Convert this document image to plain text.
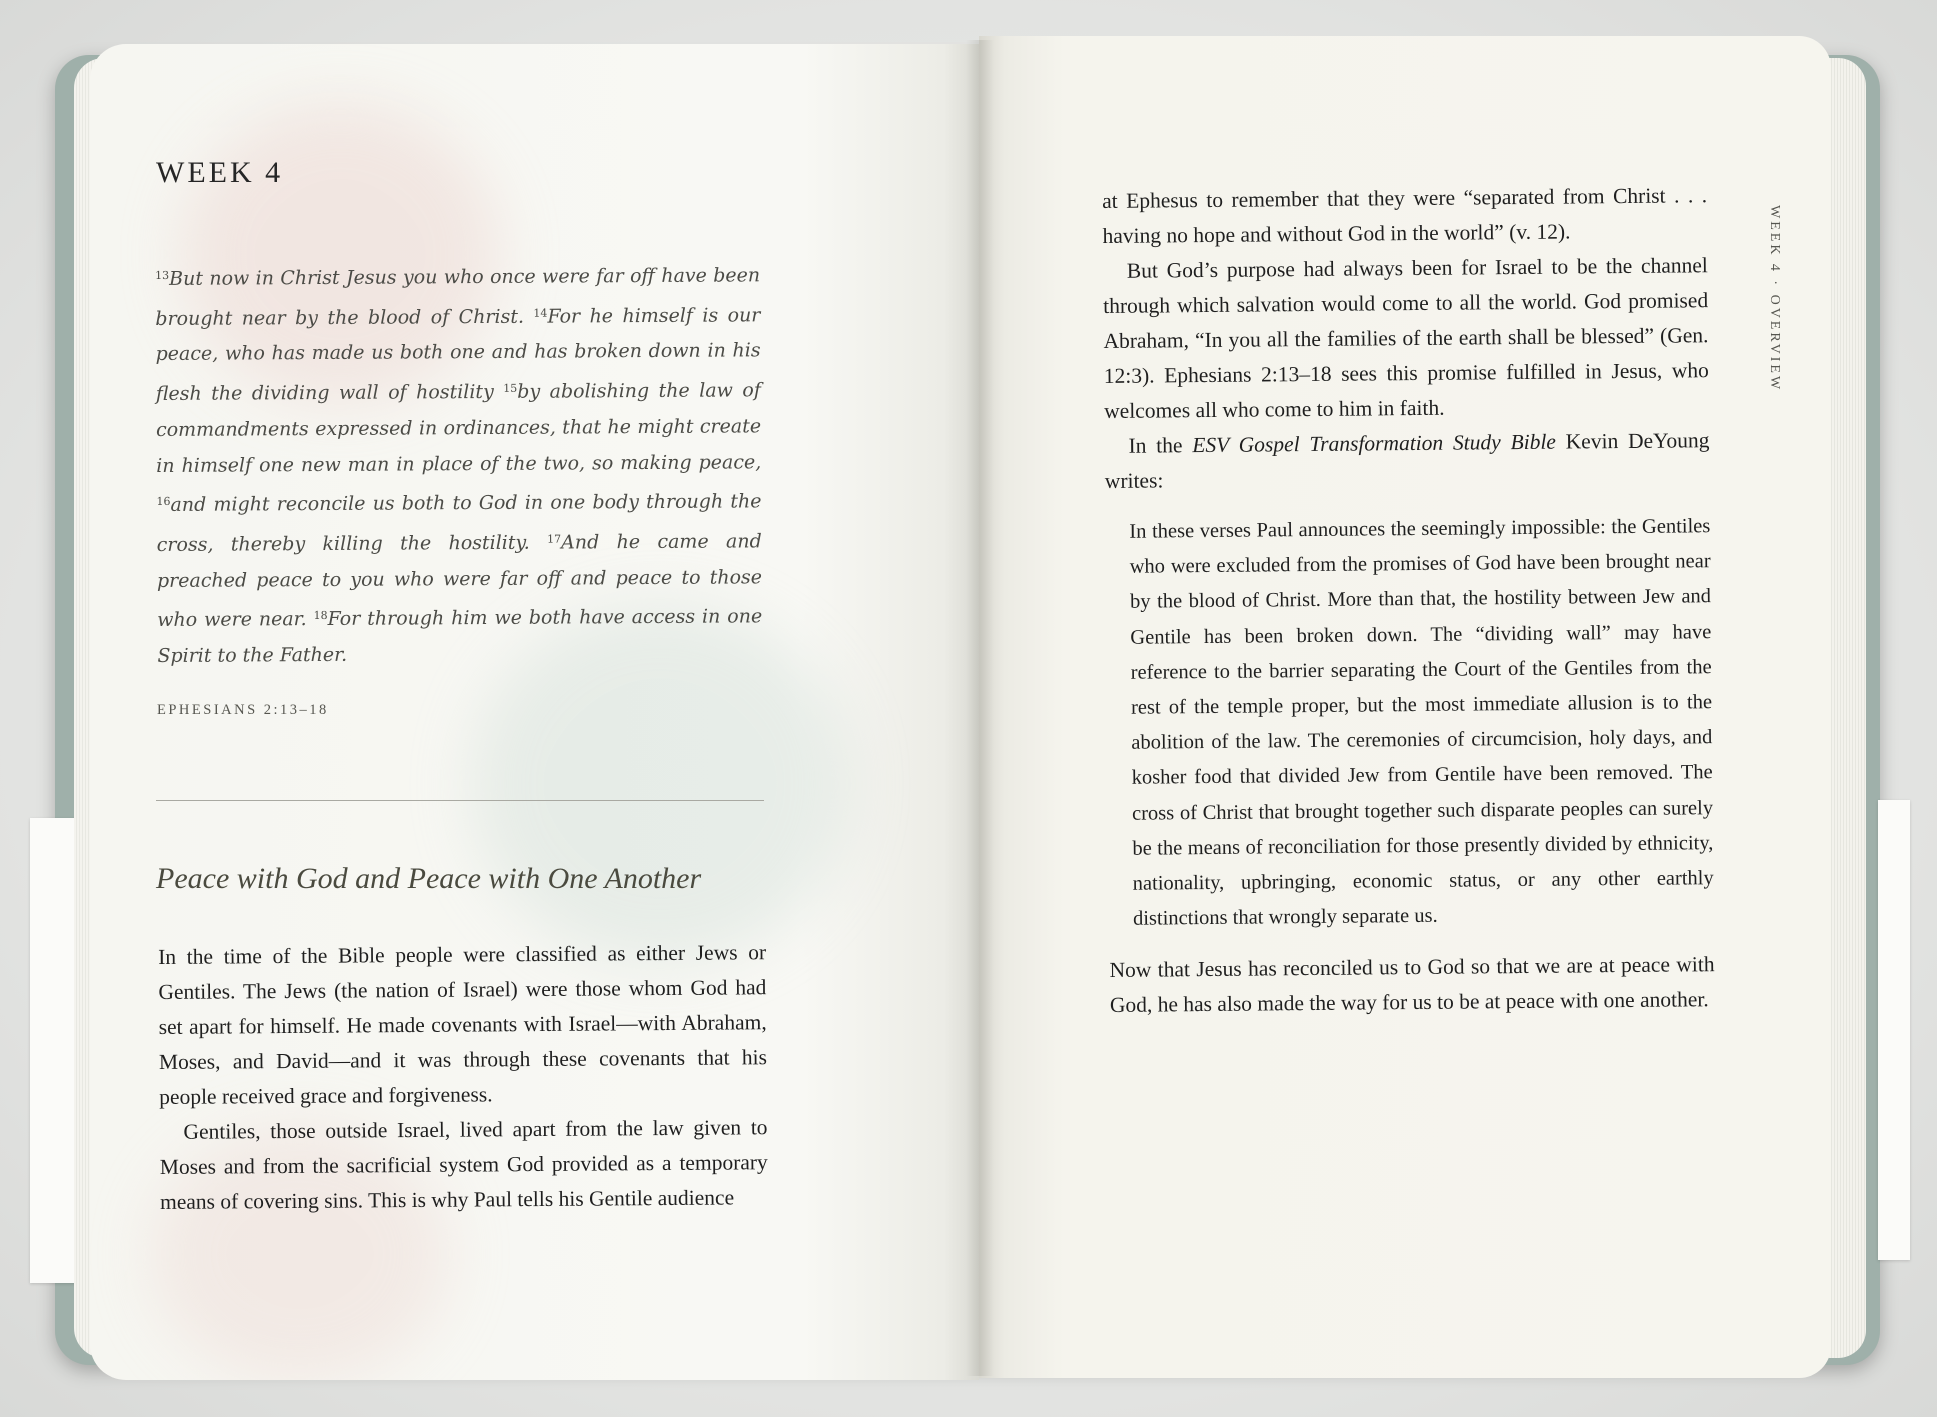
WEEK 4

$^{13}$But now in Christ Jesus you who once were far off have been brought near by the blood of Christ. $^{14}$For he himself is our peace, who has made us both one and has broken down in his flesh the dividing wall of hostility $^{15}$by abolishing the law of commandments expressed in ordinances, that he might create in himself one new man in place of the two, so making peace, $^{16}$and might reconcile us both to God in one body through the cross, thereby killing the hostility. $^{17}$And he came and preached peace to you who were far off and peace to those who were near. $^{18}$For through him we both have access in one Spirit to the Father.

EPHESIANS 2:13–18

Peace with God and Peace with One Another

In the time of the Bible people were classified as either Jews or Gentiles. The Jews (the nation of Israel) were those whom God had set apart for himself. He made covenants with Israel—with Abraham, Moses, and David—and it was through these covenants that his people received grace and forgiveness.

Gentiles, those outside Israel, lived apart from the law given to Moses and from the sacrificial system God provided as a temporary means of covering sins. This is why Paul tells his Gentile audience

WEEK 4 · OVERVIEW

at Ephesus to remember that they were “separated from Christ . . . having no hope and without God in the world” (v. 12).

But God’s purpose had always been for Israel to be the channel through which salvation would come to all the world. God promised Abraham, “In you all the families of the earth shall be blessed” (Gen. 12:3). Ephesians 2:13–18 sees this promise fulfilled in Jesus, who welcomes all who come to him in faith.

In the ESV Gospel Transformation Study Bible Kevin DeYoung writes:

In these verses Paul announces the seemingly impossible: the Gentiles who were excluded from the promises of God have been brought near by the blood of Christ. More than that, the hostility between Jew and Gentile has been broken down. The “dividing wall” may have reference to the barrier separating the Court of the Gentiles from the rest of the temple proper, but the most immediate allusion is to the abolition of the law. The ceremonies of circumcision, holy days, and kosher food that divided Jew from Gentile have been removed. The cross of Christ that brought together such disparate peoples can surely be the means of reconciliation for those presently divided by ethnicity, nationality, upbringing, economic status, or any other earthly distinctions that wrongly separate us.

Now that Jesus has reconciled us to God so that we are at peace with God, he has also made the way for us to be at peace with one another.
